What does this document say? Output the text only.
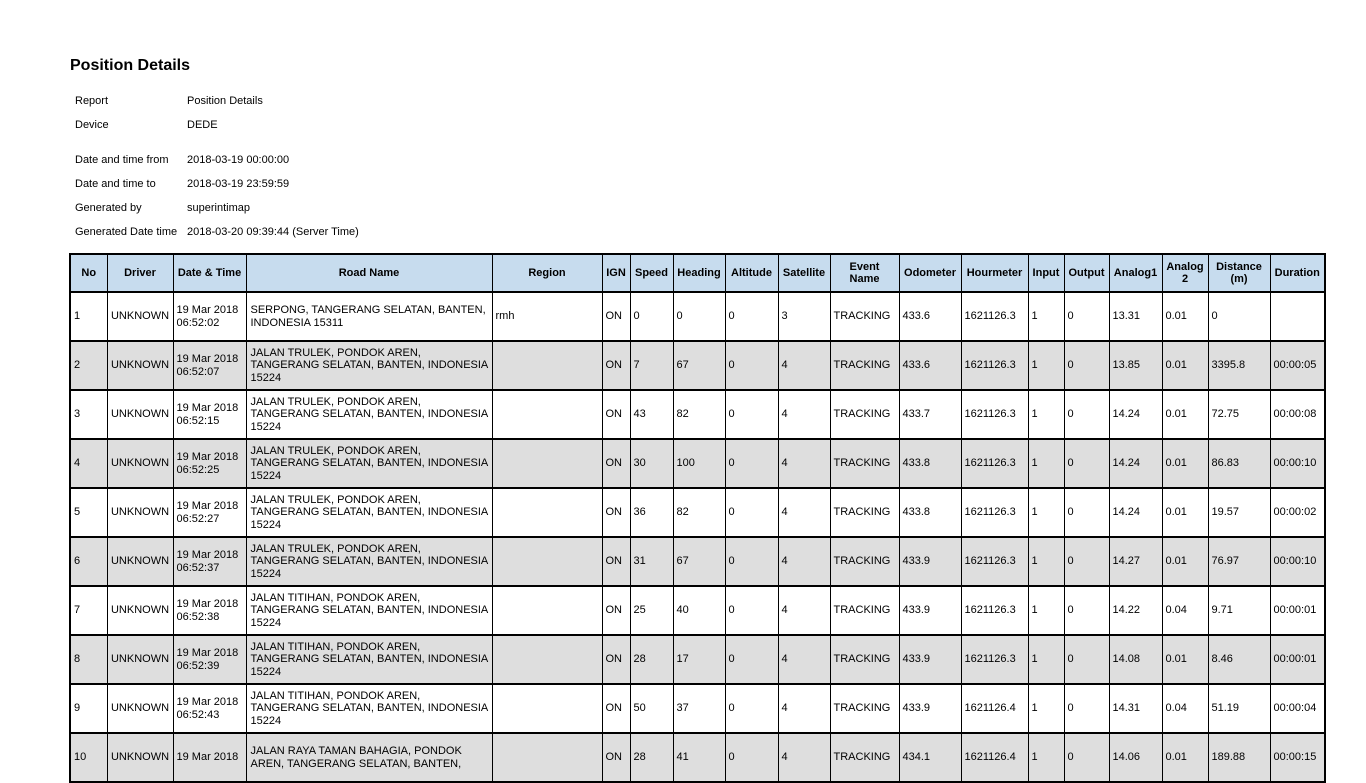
Position Details
Report	Position Details
Device	DEDE
Date and time from	2018-03-19 00:00:00
Date and time to	2018-03-19 23:59:59
Generated by	superintimap
Generated Date time 2018-03-20 09:39:44 (Server Time)
No	Driver	Date & Time	Road Name	Region	IGN	Speed	Heading	Altitude	Satellite	Event Name	Odometer	Hourmeter	Input	Output	Analog1	Analog 2	Distance (m)	Duration
1	UNKNOWN	19 Mar 2018 06:52:02	SERPONG, TANGERANG SELATAN, BANTEN, INDONESIA 15311	rmh	ON	0	0	0	3	TRACKING	433.6	1621126.3	1	0	13.31	0.01	0	
2	UNKNOWN	19 Mar 2018 06:52:07	JALAN TRULEK, PONDOK AREN, TANGERANG SELATAN, BANTEN, INDONESIA 15224		ON	7	67	0	4	TRACKING	433.6	1621126.3	1	0	13.85	0.01	3395.8	00:00:05
3	UNKNOWN	19 Mar 2018 06:52:15	JALAN TRULEK, PONDOK AREN, TANGERANG SELATAN, BANTEN, INDONESIA 15224		ON	43	82	0	4	TRACKING	433.7	1621126.3	1	0	14.24	0.01	72.75	00:00:08
4	UNKNOWN	19 Mar 2018 06:52:25	JALAN TRULEK, PONDOK AREN, TANGERANG SELATAN, BANTEN, INDONESIA 15224		ON	30	100	0	4	TRACKING	433.8	1621126.3	1	0	14.24	0.01	86.83	00:00:10
5	UNKNOWN	19 Mar 2018 06:52:27	JALAN TRULEK, PONDOK AREN, TANGERANG SELATAN, BANTEN, INDONESIA 15224		ON	36	82	0	4	TRACKING	433.8	1621126.3	1	0	14.24	0.01	19.57	00:00:02
6	UNKNOWN	19 Mar 2018 06:52:37	JALAN TRULEK, PONDOK AREN, TANGERANG SELATAN, BANTEN, INDONESIA 15224		ON	31	67	0	4	TRACKING	433.9	1621126.3	1	0	14.27	0.01	76.97	00:00:10
7	UNKNOWN	19 Mar 2018 06:52:38	JALAN TITIHAN, PONDOK AREN, TANGERANG SELATAN, BANTEN, INDONESIA 15224		ON	25	40	0	4	TRACKING	433.9	1621126.3	1	0	14.22	0.04	9.71	00:00:01
8	UNKNOWN	19 Mar 2018 06:52:39	JALAN TITIHAN, PONDOK AREN, TANGERANG SELATAN, BANTEN, INDONESIA 15224		ON	28	17	0	4	TRACKING	433.9	1621126.3	1	0	14.08	0.01	8.46	00:00:01
9	UNKNOWN	19 Mar 2018 06:52:43	JALAN TITIHAN, PONDOK AREN, TANGERANG SELATAN, BANTEN, INDONESIA 15224		ON	50	37	0	4	TRACKING	433.9	1621126.4	1	0	14.31	0.04	51.19	00:00:04
10	UNKNOWN	19 Mar 2018	JALAN RAYA TAMAN BAHAGIA, PONDOK AREN, TANGERANG SELATAN, BANTEN,		ON	28	41	0	4	TRACKING	434.1	1621126.4	1	0	14.06	0.01	189.88	00:00:15
